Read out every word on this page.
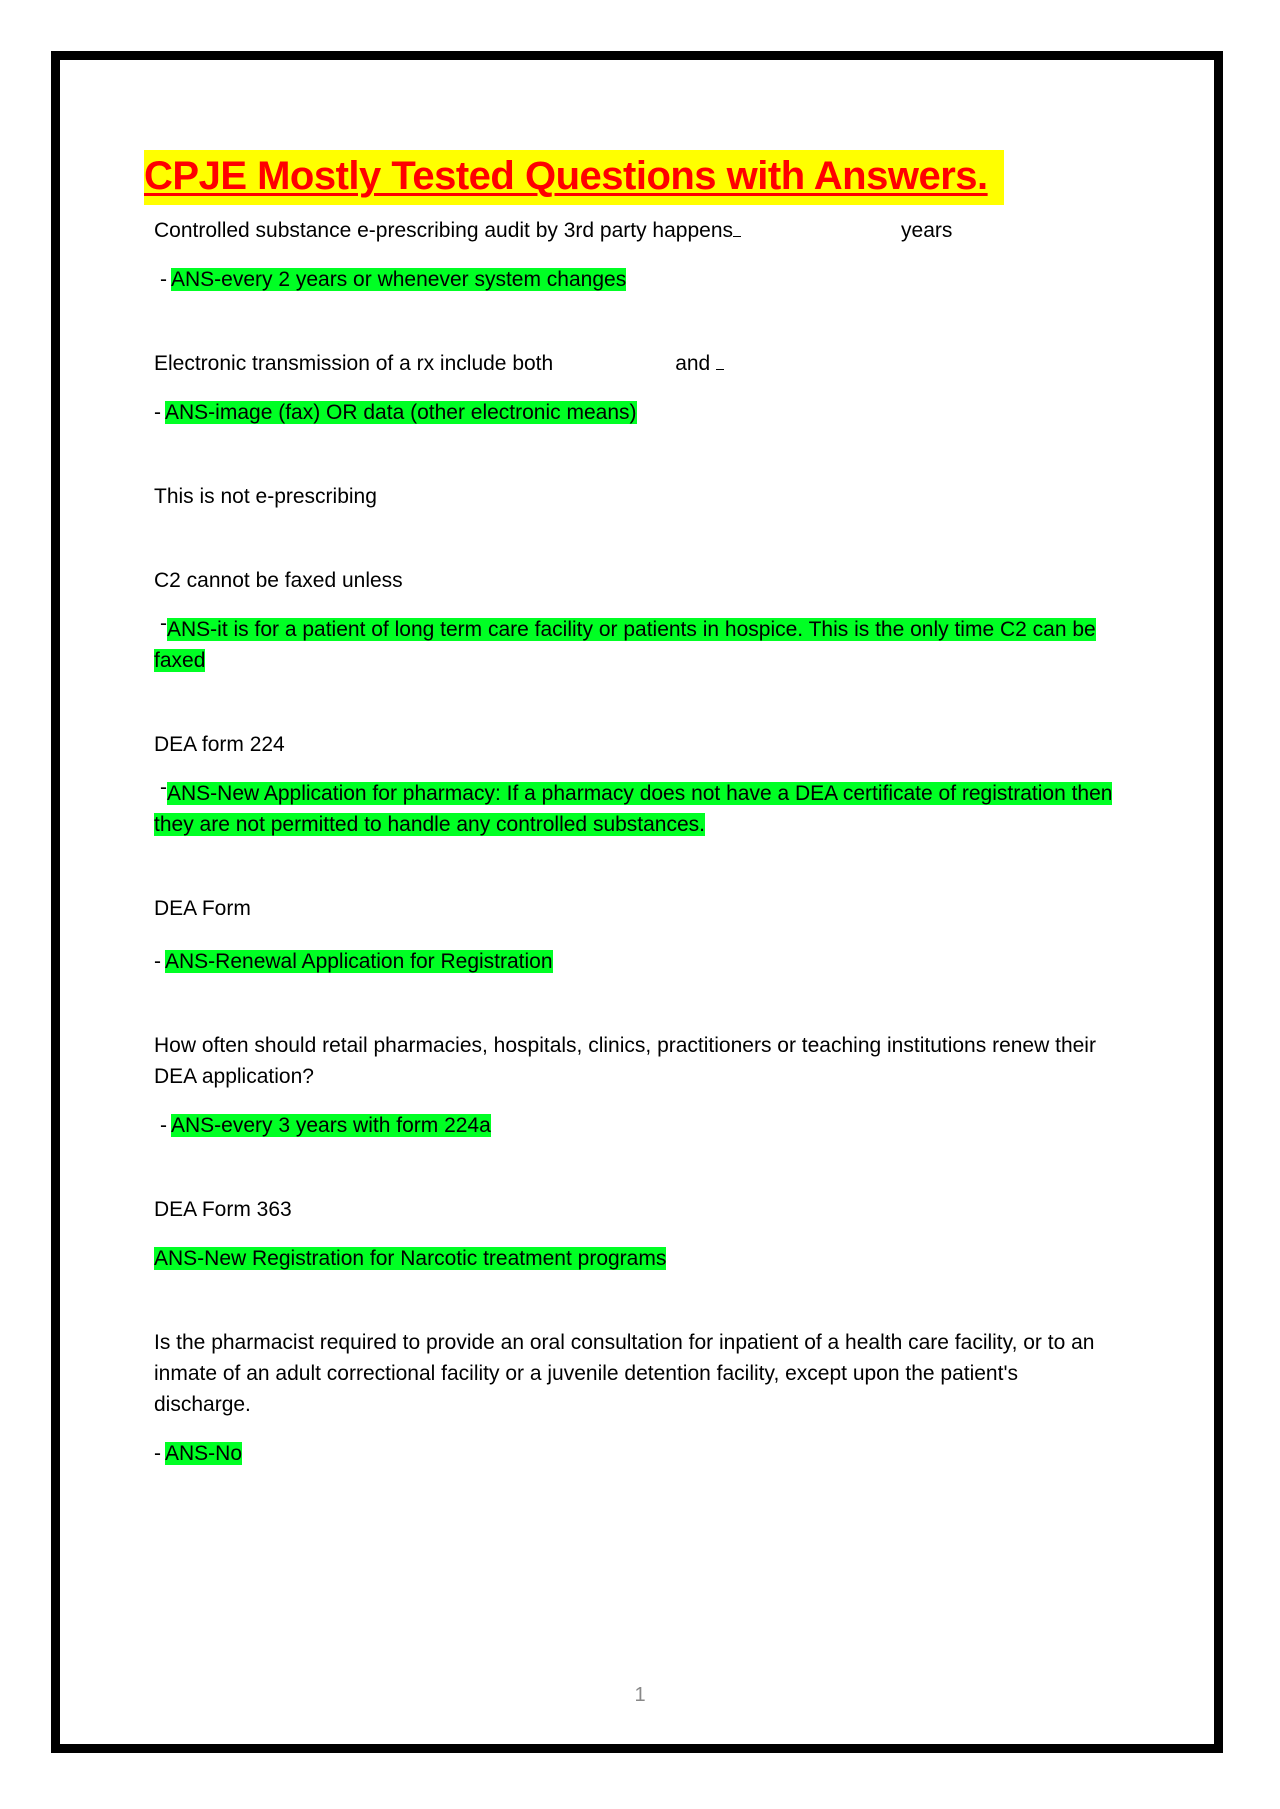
CPJE Mostly Tested Questions with Answers.

Controlled substance e-prescribing audit by 3rd party happens	years

- ANS-every 2 years or whenever system changes

Electronic transmission of a rx include both	and

- ANS-image (fax) OR data (other electronic means)

This is not e-prescribing

C2 cannot be faxed unless

-ANS-it is for a patient of long term care facility or patients in hospice. This is the only time C2 can be faxed

DEA form 224

-ANS-New Application for pharmacy: If a pharmacy does not have a DEA certificate of registration then they are not permitted to handle any controlled substances.

DEA Form

- ANS-Renewal Application for Registration

How often should retail pharmacies, hospitals, clinics, practitioners or teaching institutions renew their DEA application?

- ANS-every 3 years with form 224a

DEA Form 363

ANS-New Registration for Narcotic treatment programs

Is the pharmacist required to provide an oral consultation for inpatient of a health care facility, or to an inmate of an adult correctional facility or a juvenile detention facility, except upon the patient's discharge.

- ANS-No

1
